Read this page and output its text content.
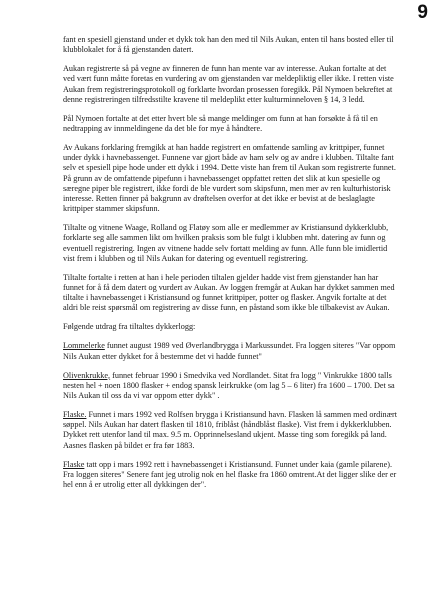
9

fant en spesiell gjenstand under et dykk tok han den med til Nils Aukan, enten til hans bosted eller til klubblokalet for å få gjenstanden datert.

Aukan registrerte så på vegne av finneren de funn han mente var av interesse. Aukan fortalte at det ved vært funn måtte foretas en vurdering av om gjenstanden var meldepliktig eller ikke. I retten viste Aukan frem registreringsprotokoll og forklarte hvordan prosessen foregikk. Pål Nymoen bekreftet at denne registreringen tilfredsstilte kravene til meldeplikt etter kulturminneloven § 14, 3 ledd.

Pål Nymoen fortalte at det etter hvert ble så mange meldinger om funn at han forsøkte å få til en nedtrapping av innmeldingene da det ble for mye å håndtere.

Av Aukans forklaring fremgikk at han hadde registrert en omfattende samling av krittpiper, funnet under dykk i havnebassenget. Funnene var gjort både av ham selv og av andre i klubben. Tiltalte fant selv et spesiell pipe hode under ett dykk i 1994. Dette viste han frem til Aukan som registrerte funnet. På grunn av de omfattende pipefunn i havnebassenget oppfattet retten det slik at kun spesielle og særegne piper ble registrert, ikke fordi de ble vurdert som skipsfunn, men mer av ren kulturhistorisk interesse. Retten finner på bakgrunn av drøftelsen overfor at det ikke er bevist at de beslaglagte krittpiper stammer skipsfunn.

Tiltalte og vitnene Waage, Rolland og Flatøy som alle er medlemmer av Kristiansund dykkerklubb, forklarte seg alle sammen likt om hvilken praksis som ble fulgt i klubben mht. datering av funn og eventuell registrering. Ingen av vitnene hadde selv fortatt melding av funn. Alle funn ble imidlertid vist frem i klubben og til Nils Aukan for datering og eventuell registrering.

Tiltalte fortalte i retten at han i hele perioden tiltalen gjelder hadde vist frem gjenstander han har funnet for å få dem datert og vurdert av Aukan. Av loggen fremgår at Aukan har dykket sammen med tiltalte i havnebassenget i Kristiansund og funnet krittpiper, potter og flasker. Angvik fortalte at det aldri ble reist spørsmål om registrering av disse funn, en påstand som ikke ble tilbakevist av Aukan.

Følgende utdrag fra tiltaltes dykkerlogg:

Lommelerke funnet august 1989 ved Øverlandbrygga i Markussundet. Fra loggen siteres "Var oppom Nils Aukan etter dykket for å bestemme det vi hadde funnet"

Olivenkrukke, funnet februar 1990 i Smedvika ved Nordlandet. Sitat fra logg " Vinkrukke 1800 talls nesten hel + noen 1800 flasker + endog spansk leirkrukke (om lag 5 – 6 liter) fra 1600 – 1700. Det sa Nils Aukan til oss da vi var oppom etter dykk" .

Flaske. Funnet i mars 1992 ved Rolfsen brygga i Kristiansund havn. Flasken lå sammen med ordinært søppel. Nils Aukan har datert flasken til 1810, friblåst (håndblåst flaske). Vist frem i dykkerklubben. Dykket rett utenfor land til max. 9.5 m. Opprinnelsesland ukjent. Masse ting som foregikk på land. Aasnes flasken på bildet er fra før 1883.

Flaske tatt opp i mars 1992 rett i havnebassenget i Kristiansund. Funnet under kaia (gamle pilarene). Fra loggen siteres" Senere fant jeg utrolig nok en hel flaske fra 1860 omtrent.At det ligger slike der er hel enn å er utrolig etter all dykkingen der".
